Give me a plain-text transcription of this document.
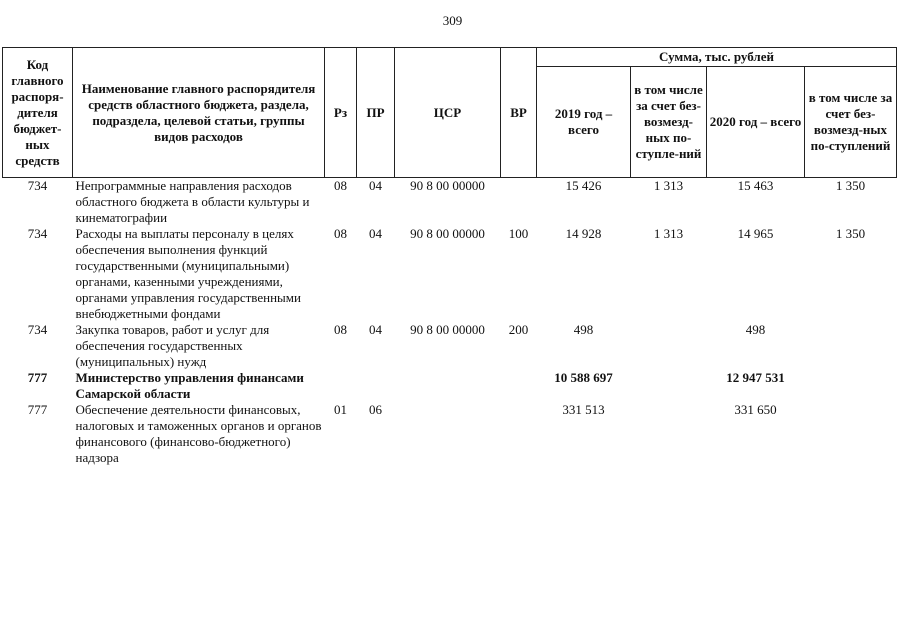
309
Код главного распоря-дителя бюджет-ных средств	Наименование главного распорядителя средств областного бюджета, раздела, подраздела, целевой статьи, группы видов расходов	Рз	ПР	ЦСР	ВР	Сумма, тыс. рублей			
						2019 год – всего	в том числе за счет без-возмезд-ных по-ступле-ний	2020 год – всего	в том числе за счет без-возмезд-ных по-ступлений
734	Непрограммные направления расходов областного бюджета в области культуры и кинематографии	08	04	90 8 00 00000		15 426	1 313	15 463	1 350
734	Расходы на выплаты персоналу в целях обеспечения выполнения функций государственными (муниципальными) органами, казенными учреждениями, органами управления государственными внебюджетными фондами	08	04	90 8 00 00000	100	14 928	1 313	14 965	1 350
734	Закупка товаров, работ и услуг для обеспечения государственных (муниципальных) нужд	08	04	90 8 00 00000	200	498		498	
777	Министерство управления финансами Самарской области					10 588 697		12 947 531	
777	Обеспечение деятельности финансовых, налоговых и таможенных органов и органов финансового (финансово-бюджетного) надзора	01	06			331 513		331 650	
